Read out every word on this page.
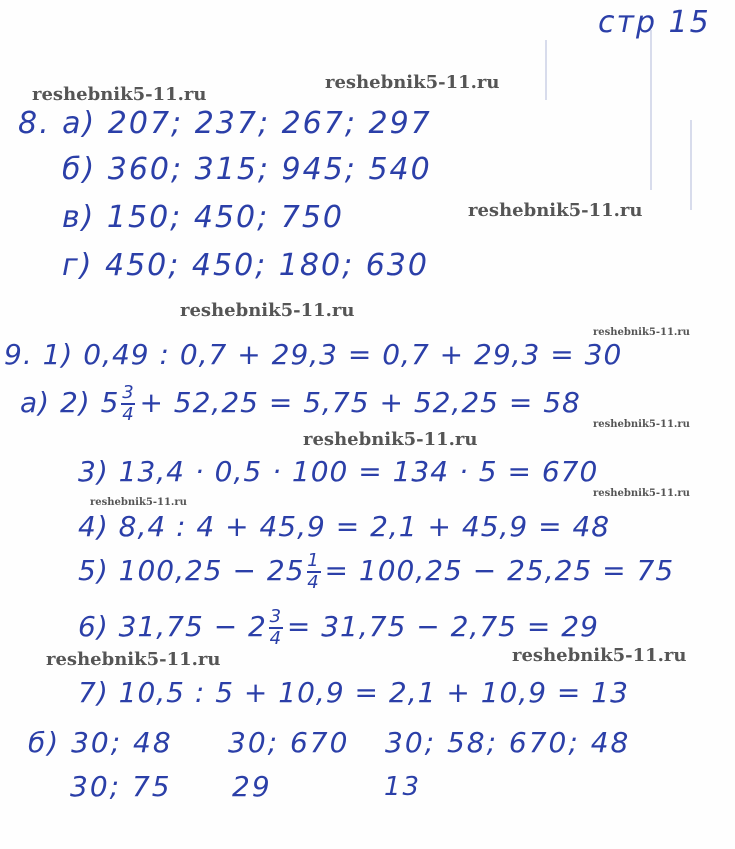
стр 15
reshebnik5-11.ru
reshebnik5-11.ru
reshebnik5-11.ru
reshebnik5-11.ru
reshebnik5-11.ru
reshebnik5-11.ru
reshebnik5-11.ru
reshebnik5-11.ru
reshebnik5-11.ru
reshebnik5-11.ru	reshebnik5-11.ru
8. а) 207; 237; 267; 297
б) 360; 315; 945; 540
в) 150; 450; 750
г) 450; 450; 180; 630
9. 1) 0,49 : 0,7 + 29,3 = 0,7 + 29,3 = 30
а) 2) $5 \frac{3}{4} + 52,25 = 5,75 + 52,25 = 58$
3) 13,4 · 0,5 · 100 = 134 · 5 = 670
4) 8,4 : 4 + 45,9 = 2,1 + 45,9 = 48
5) $100,25 - 25 \frac{1}{4} = 100,25 - 25,25 = 75$
6) $31,75 - 2 \frac{3}{4} = 31,75 - 2,75 = 29$
7) 10,5 : 5 + 10,9 = 2,1 + 10,9 = 13
б) 30; 48 30; 670 30; 58; 670; 48
30; 75 29	13
